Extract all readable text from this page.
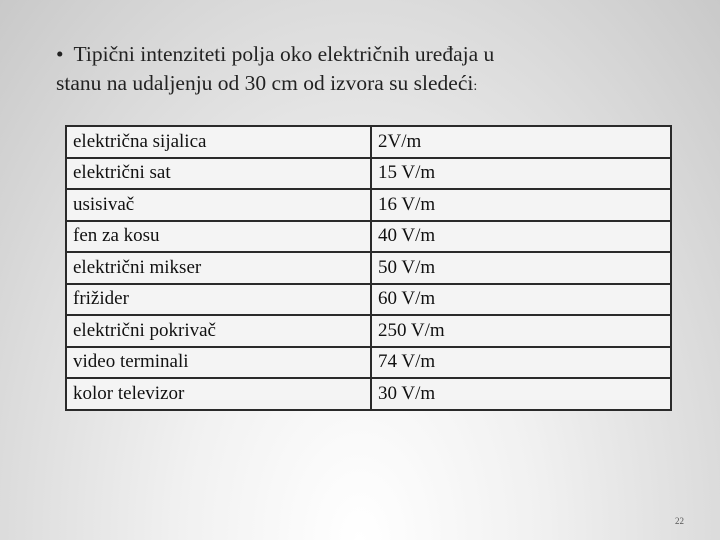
• Tipični intenziteti polja oko električnih uređaja u
stanu na udaljenju od 30 cm od izvora su sledeći:
električna sijalica	2V/m
električni sat	15 V/m
usisivač	16 V/m
fen za kosu	40 V/m
električni mikser	50 V/m
frižider	60 V/m
električni pokrivač	250 V/m
video terminali	74 V/m
kolor televizor	30 V/m
22
